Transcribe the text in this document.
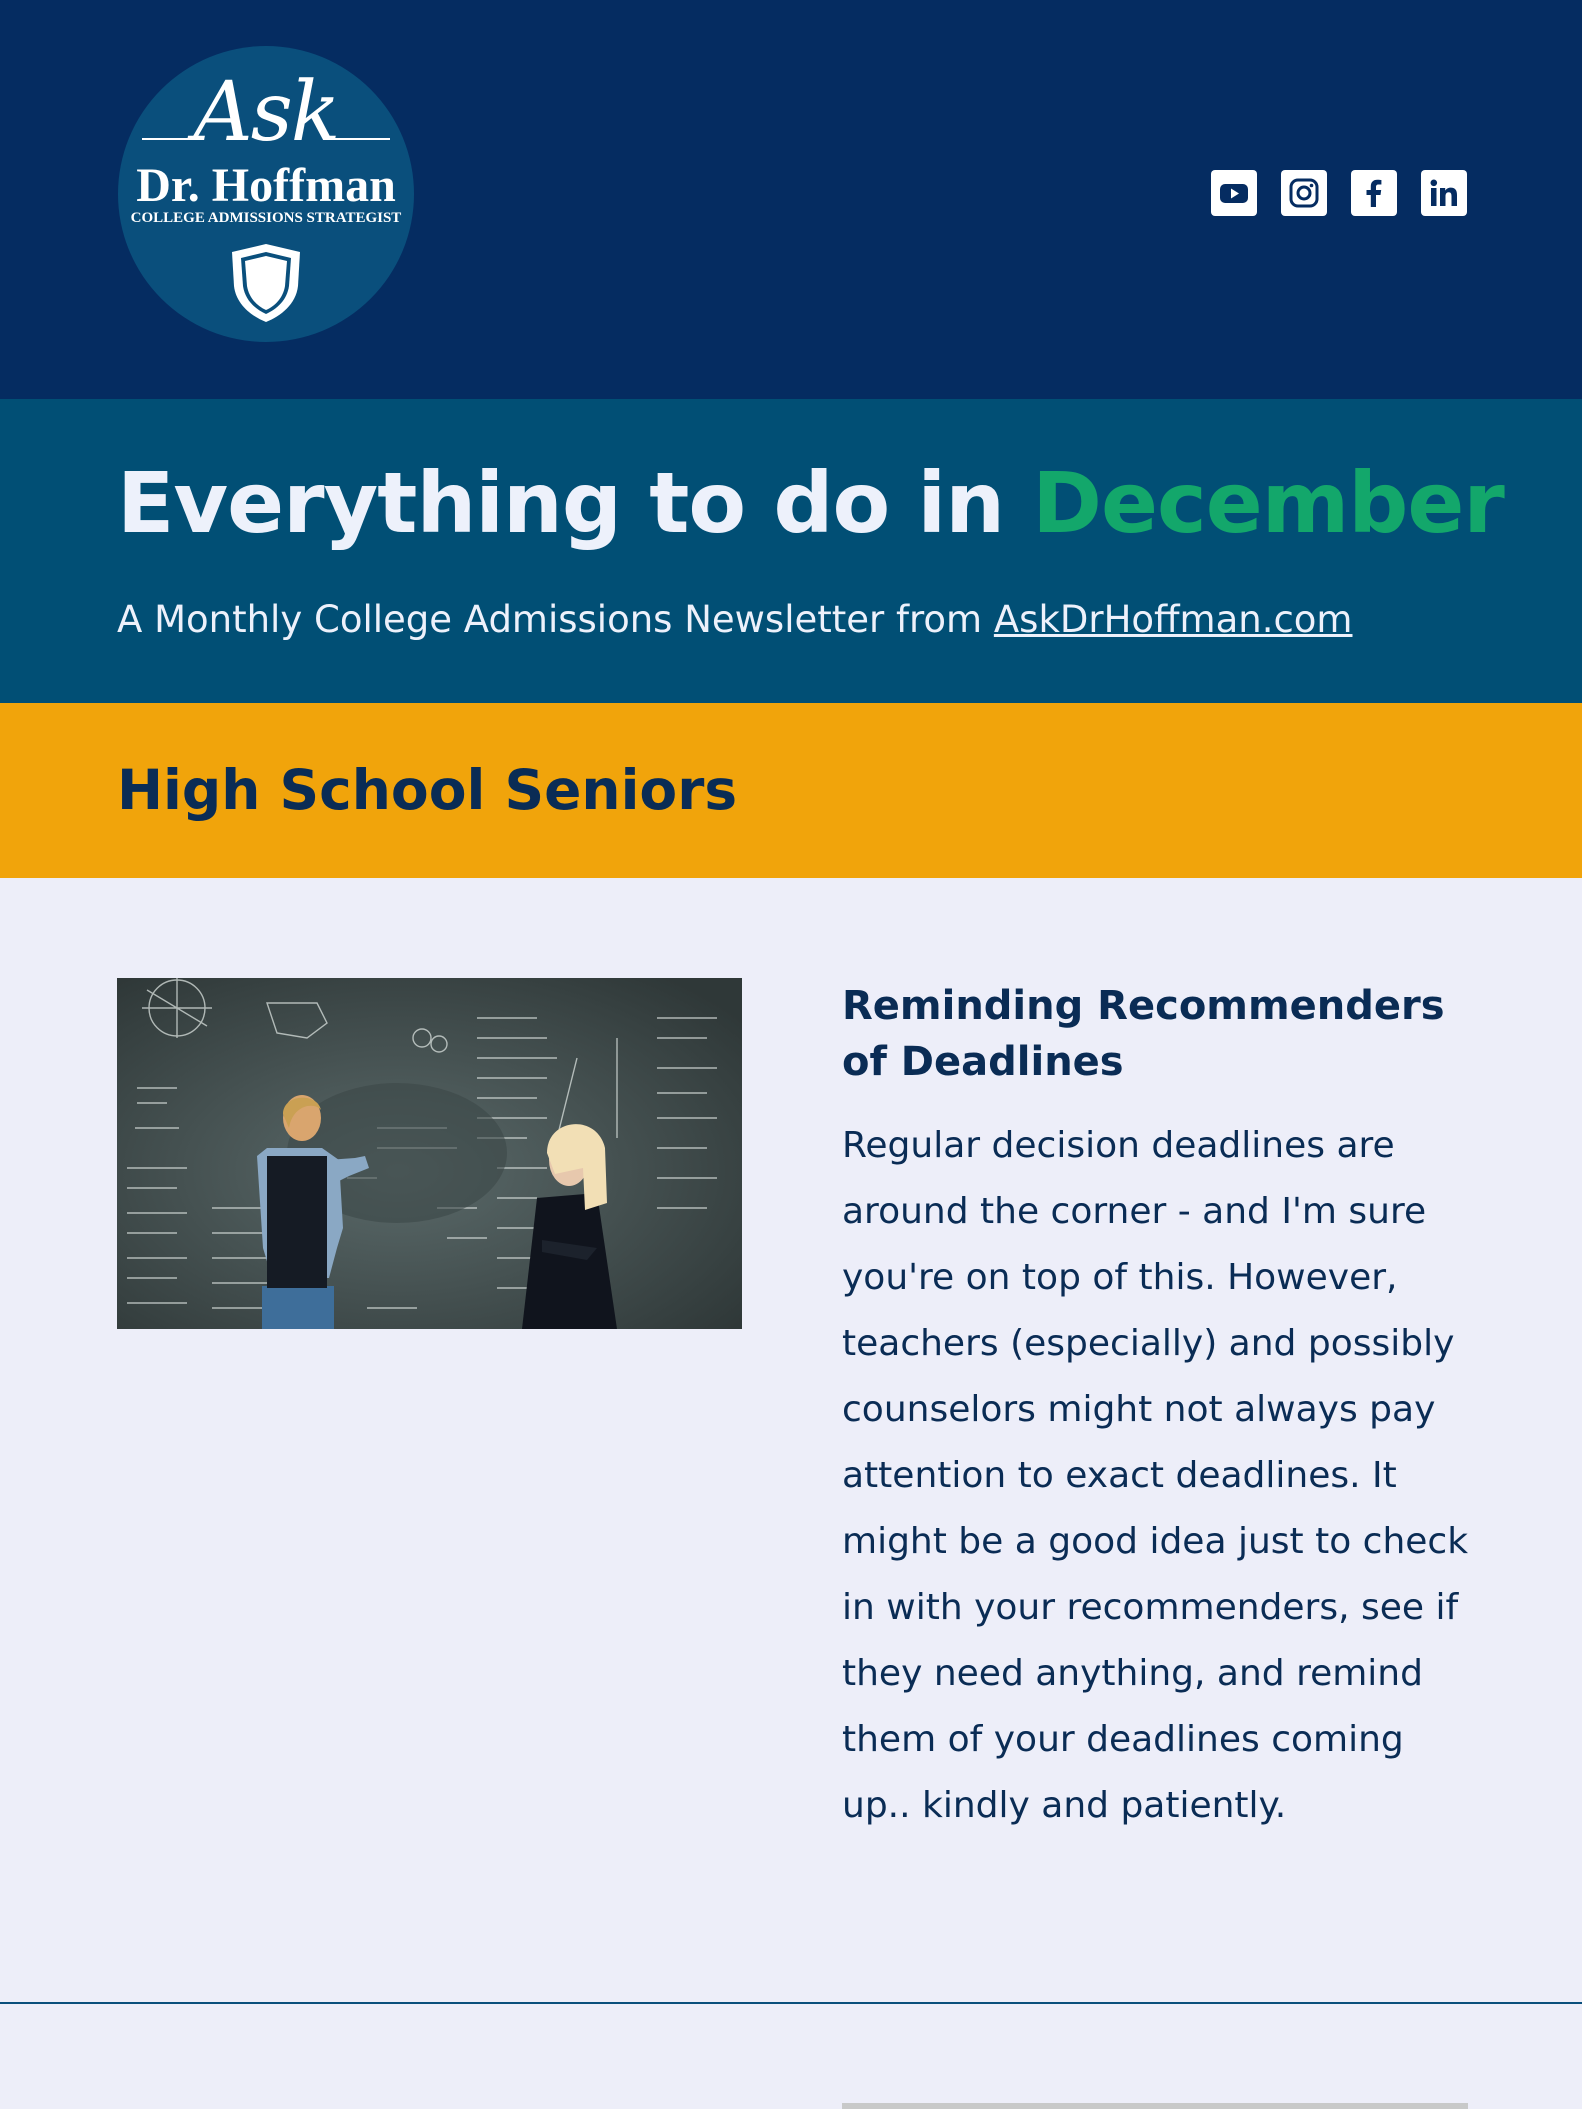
Ask
Dr. Hoffman
COLLEGE ADMISSIONS STRATEGIST
Everything to do in December

A Monthly College Admissions Newsletter from AskDrHoffman.com

High School Seniors
Reminding Recommenders of Deadlines

Regular decision deadlines are around the corner - and I'm sure you're on top of this. However, teachers (especially) and possibly counselors might not always pay attention to exact deadlines. It might be a good idea just to check in with your recommenders, see if they need anything, and remind them of your deadlines coming up.. kindly and patiently.
